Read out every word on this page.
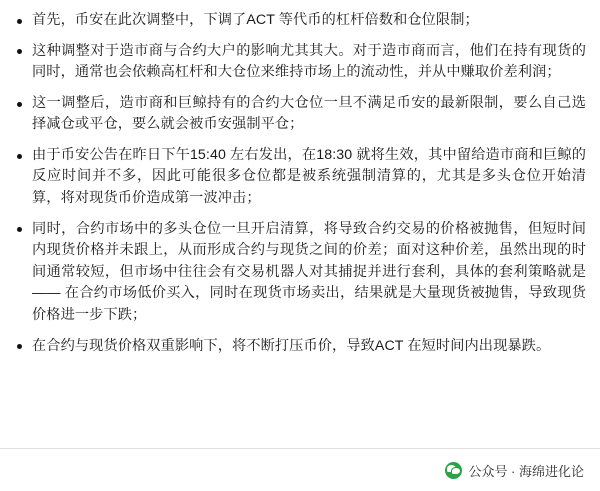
首先，币安在此次调整中，下调了ACT 等代币的杠杆倍数和仓位限制；
这种调整对于造市商与合约大户的影响尤其其大。对于造市商而言，他们在持有现货的同时，通常也会依赖高杠杆和大仓位来维持市场上的流动性，并从中赚取价差利润；
这一调整后，造市商和巨鲸持有的合约大仓位一旦不满足币安的最新限制，要么自己选择减仓或平仓，要么就会被币安强制平仓；
由于币安公告在昨日下午15:40 左右发出，在18:30 就将生效，其中留给造市商和巨鲸的反应时间并不多，因此可能很多仓位都是被系统强制清算的，尤其是多头仓位开始清算，将对现货币价造成第一波冲击；
同时，合约市场中的多头仓位一旦开启清算，将导致合约交易的价格被抛售，但短时间内现货价格并未跟上，从而形成合约与现货之间的价差；面对这种价差，虽然出现的时间通常较短，但市场中往往会有交易机器人对其捕捉并进行套利，具体的套利策略就是—— 在合约市场低价买入，同时在现货市场卖出，结果就是大量现货被抛售，导致现货价格进一步下跌；
在合约与现货价格双重影响下，将不断打压币价，导致ACT 在短时间内出现暴跌。
公众号 · 海绵进化论
